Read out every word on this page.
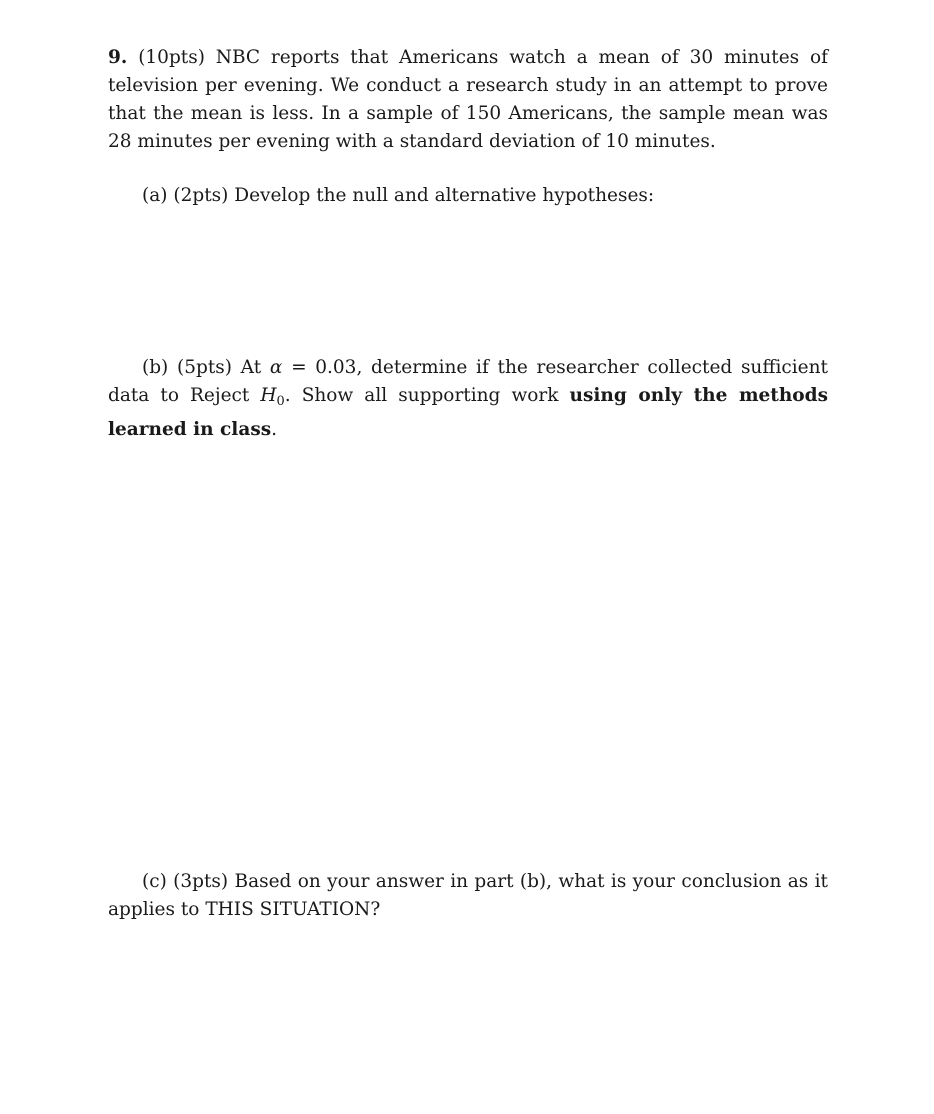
9. (10pts) NBC reports that Americans watch a mean of 30 minutes of television per evening. We conduct a research study in an attempt to prove that the mean is less. In a sample of 150 Americans, the sample mean was 28 minutes per evening with a standard deviation of 10 minutes.
(a) (2pts) Develop the null and alternative hypotheses:
(b) (5pts) At α = 0.03, determine if the researcher collected sufficient data to Reject $H_0$. Show all supporting work using only the methods learned in class.
(c) (3pts) Based on your answer in part (b), what is your conclusion as it applies to THIS SITUATION?
